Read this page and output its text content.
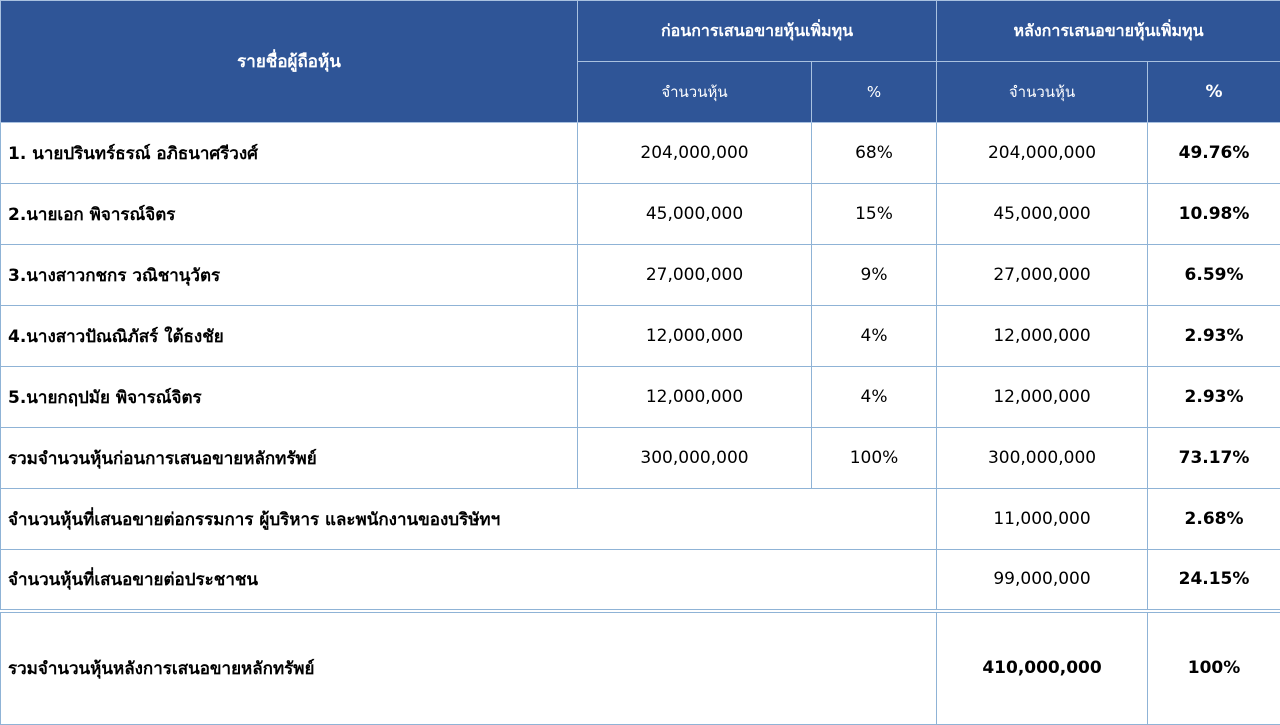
รายชื่อผู้ถือหุ้น	ก่อนการเสนอขายหุ้นเพิ่มทุน		หลังการเสนอขายหุ้นเพิ่มทุน	
	จำนวนหุ้น	%	จำนวนหุ้น	%
1. นายปรินทร์ธรณ์ อภิธนาศรีวงศ์	204,000,000	68%	204,000,000	49.76%
2.นายเอก พิจารณ์จิตร	45,000,000	15%	45,000,000	10.98%
3.นางสาวกชกร วณิชานุวัตร	27,000,000	9%	27,000,000	6.59%
4.นางสาวปัณณิภัสร์ ใต้ธงชัย	12,000,000	4%	12,000,000	2.93%
5.นายกฤปมัย พิจารณ์จิตร	12,000,000	4%	12,000,000	2.93%
รวมจำนวนหุ้นก่อนการเสนอขายหลักทรัพย์	300,000,000	100%	300,000,000	73.17%
จำนวนหุ้นที่เสนอขายต่อกรรมการ ผู้บริหาร และพนักงานของบริษัทฯ			11,000,000	2.68%
จำนวนหุ้นที่เสนอขายต่อประชาชน			99,000,000	24.15%
รวมจำนวนหุ้นหลังการเสนอขายหลักทรัพย์			410,000,000	100%
